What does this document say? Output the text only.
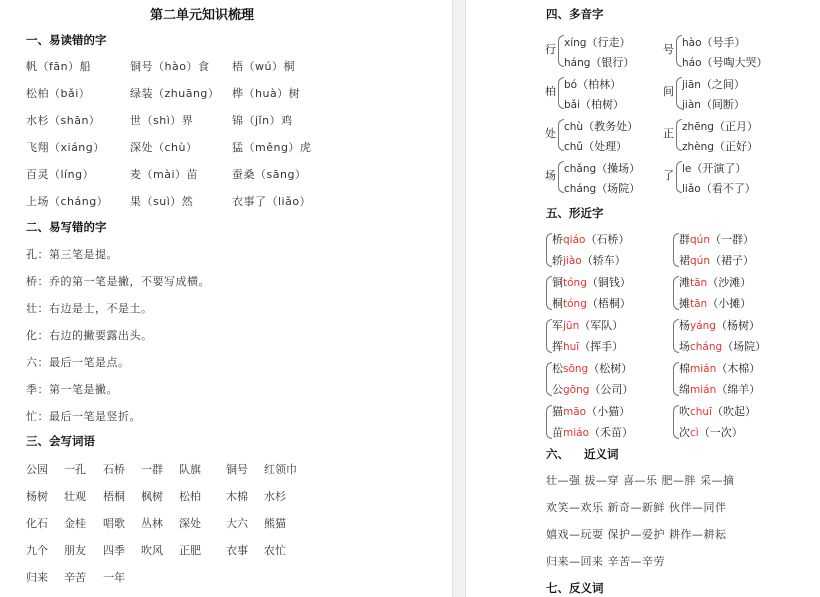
第二单元知识梳理
一、易读错的字
帆（fān）船	铜号（hào）食 梧（wú）桐
松柏（bǎi）	绿装（zhuāng） 桦（huà）树
水杉（shān）	世（shì）界	锦（jǐn）鸡
飞翔（xiáng） 深处（chù）	猛（měng）虎
百灵（líng）	麦（mài）苗	蚕桑（sāng）
上场（cháng） 果（suì）然	衣事了（liǎo）
二、易写错的字
孔：第三笔是提。
桥：乔的第一笔是撇，不要写成横。
壮：右边是士，不是土。
化：右边的撇要露出头。
六：最后一笔是点。
季：第一笔是撇。
忙：最后一笔是竖折。
三、会写词语
公园 一孔 石桥 一群 队旗 铜号 红领巾
杨树 壮观 梧桐 枫树 松柏 木棉 水杉
化石 金桂 唱歌 丛林 深处 大六 熊猫
九个 朋友 四季 吹风 正肥 衣事 农忙
归来 辛苦 一年
四、多音字
行 xíng（行走）
háng（银行）
号 hào（号手）
háo（号啕大哭）
柏 bó（柏林）
bǎi（柏树）
间 jiān（之间）
jiàn（间断）
处 chù（教务处）
chǔ（处理）
正 zhēng（正月）
zhèng（正好）
场 chǎng（操场）
cháng（场院）
了 le（开演了）
liǎo（看不了）
五、形近字
桥qiáo（石桥）
轿jiào（轿车）
群qún（一群）
裙qún（裙子）
铜tóng（铜钱）
桐tóng（梧桐）
滩tān（沙滩）
摊tān（小摊）
军jūn（军队）
挥huī（挥手）
杨yáng（杨树）
场cháng（场院）
松sōng（松树）
公gōng（公司）
棉mián（木棉）
绵mián（绵羊）
猫māo（小猫）
苗miáo（禾苗）
吹chuī（吹起）
次cì（一次）
六、 近义词
壮—强 拔—穿 喜—乐 肥—胖 采—摘
欢笑—欢乐 新奇—新鲜 伙伴—同伴
嬉戏—玩耍 保护—爱护 耕作—耕耘
归来—回来 辛苦—辛劳
七、反义词
